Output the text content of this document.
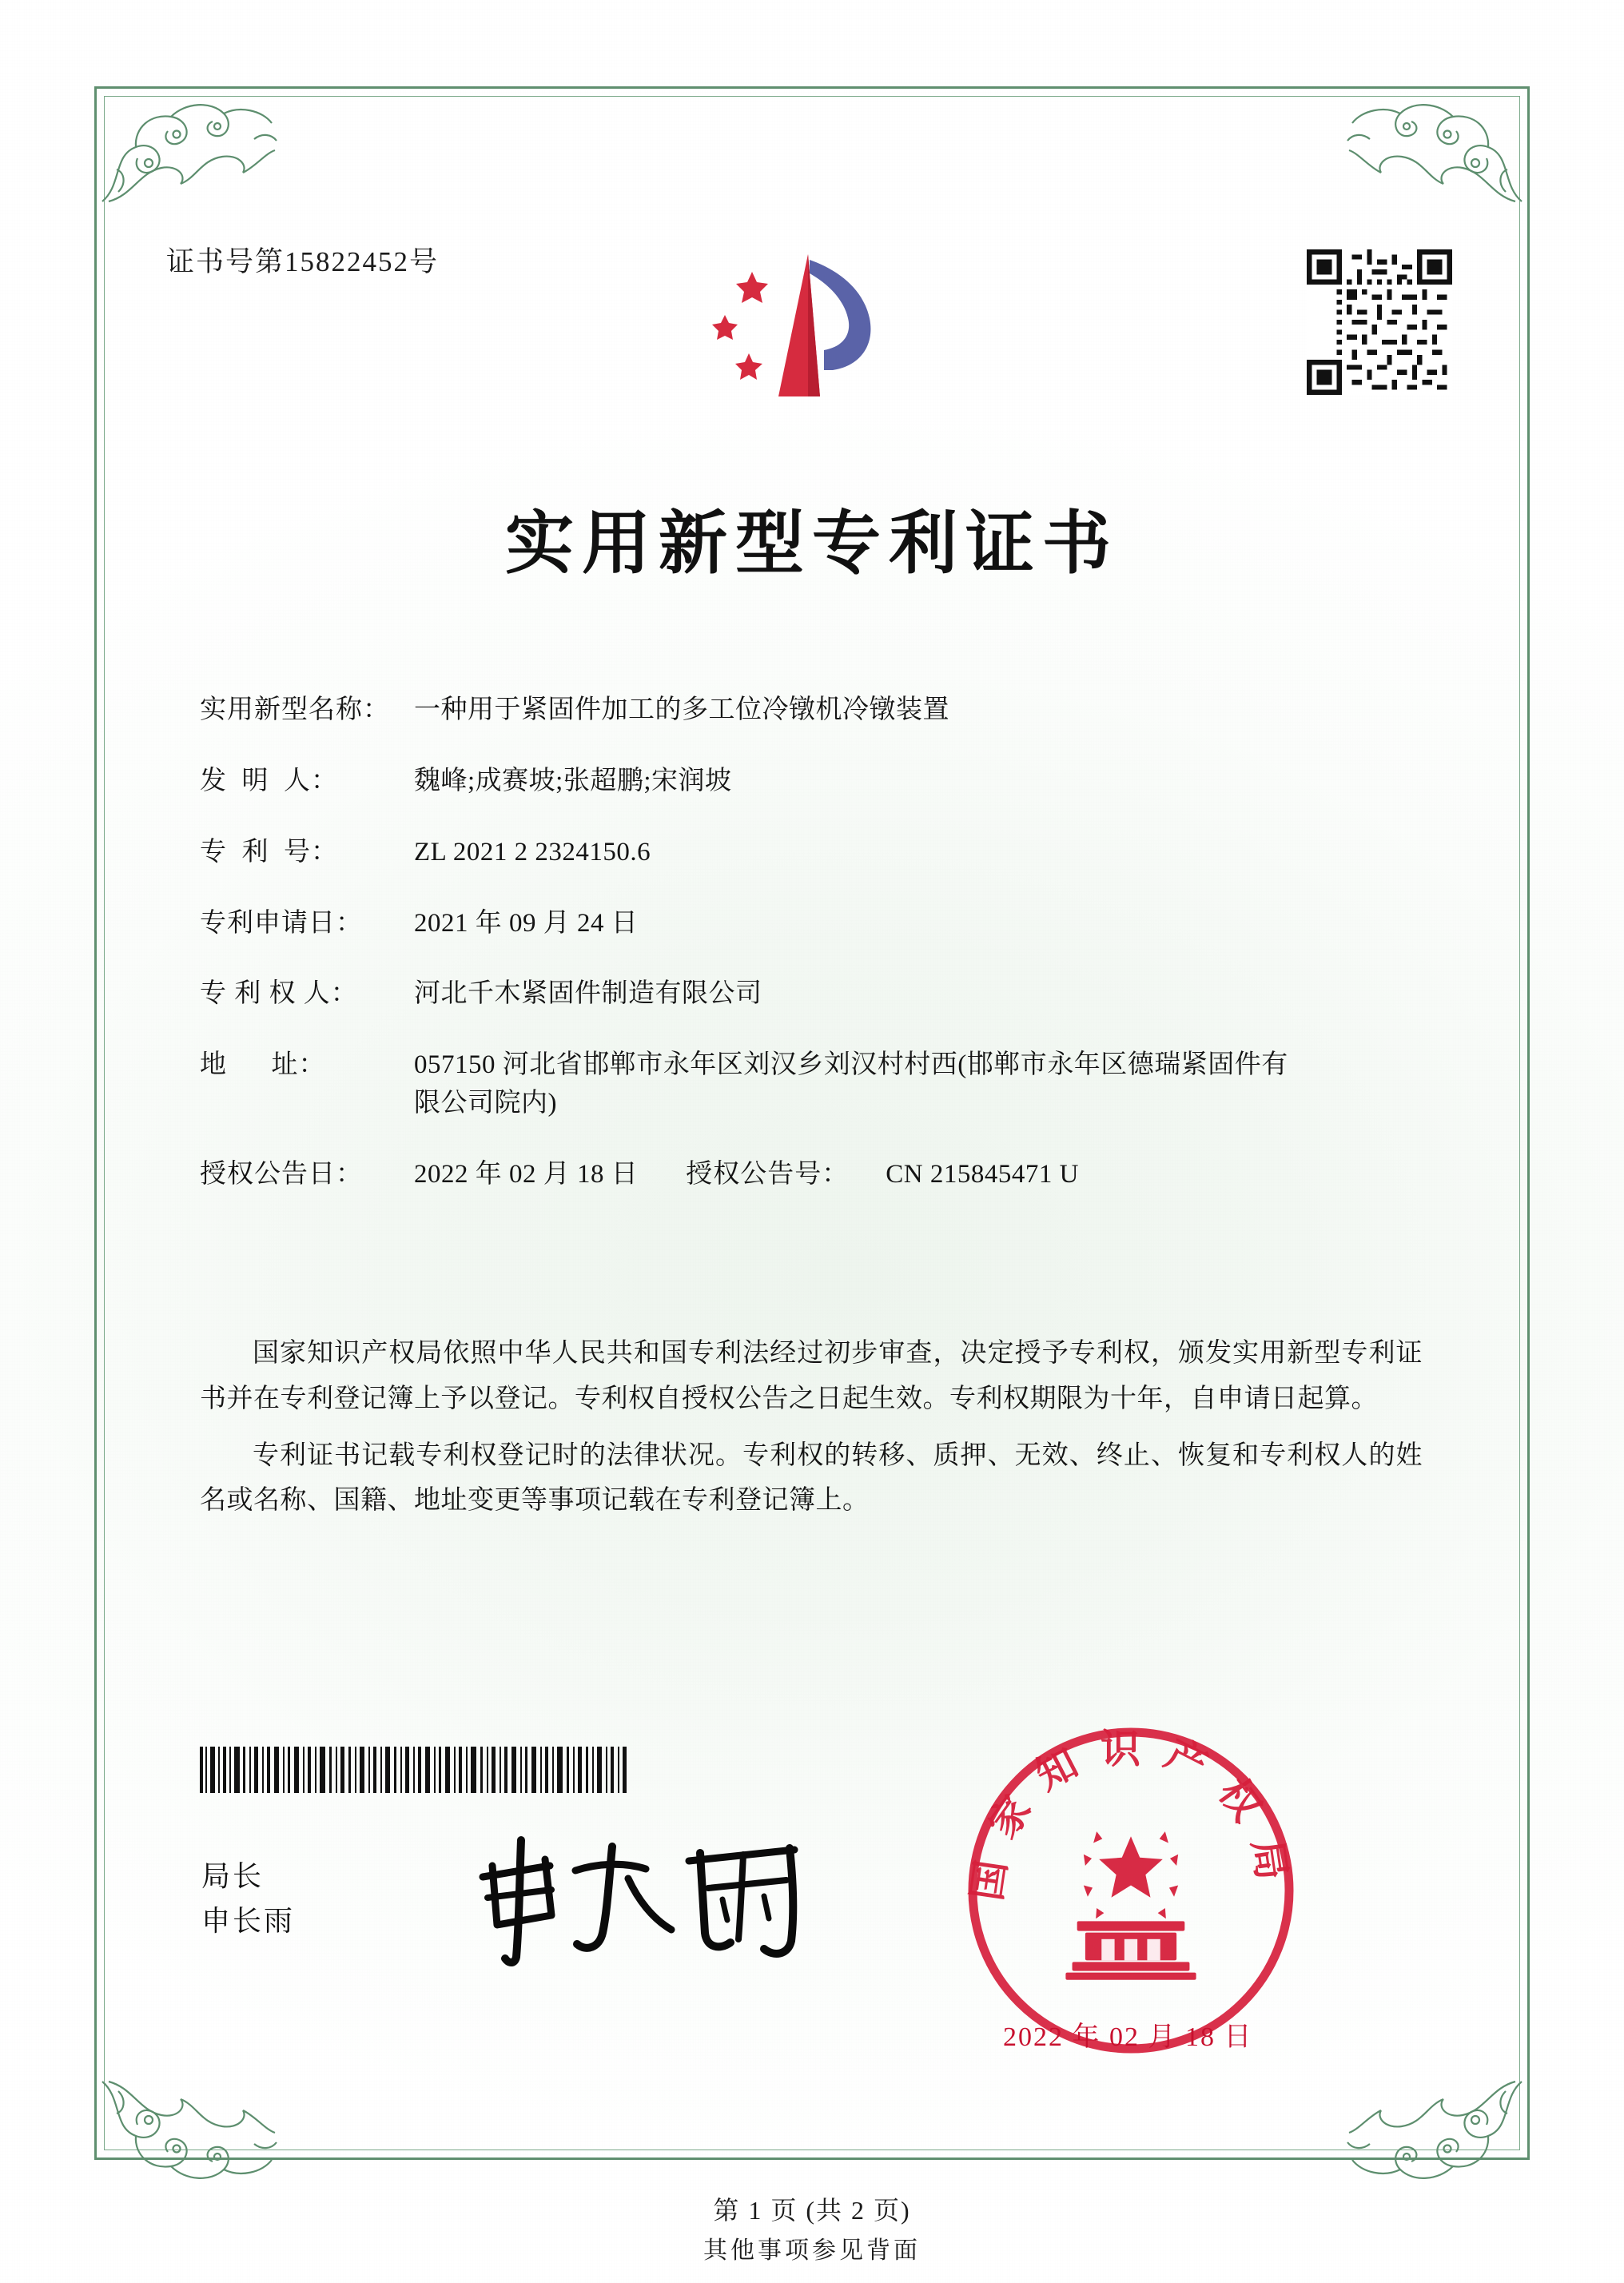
证书号第15822452号
实用新型专利证书
实用新型名称： 一种用于紧固件加工的多工位冷镦机冷镦装置
发  明  人：	魏峰;成赛坡;张超鹏;宋润坡
专  利  号：	ZL 2021 2 2324150.6
专利申请日：	2021 年 09 月 24 日
专 利 权 人：	河北千木紧固件制造有限公司
地      址：	057150 河北省邯郸市永年区刘汉乡刘汉村村西(邯郸市永年区德瑞紧固件有限公司院内)
授权公告日：	2022 年 02 月 18 日 授权公告号：	CN 215845471 U

国家知识产权局依照中华人民共和国专利法经过初步审查，决定授予专利权，颁发实用新型专利证书并在专利登记簿上予以登记。专利权自授权公告之日起生效。专利权期限为十年，自申请日起算。

专利证书记载专利权登记时的法律状况。专利权的转移、质押、无效、终止、恢复和专利权人的姓名或名称、国籍、地址变更等事项记载在专利登记簿上。

局长
申长雨
国家知识产权局
2022 年 02 月 18 日
第 1 页 (共 2 页)
其他事项参见背面
